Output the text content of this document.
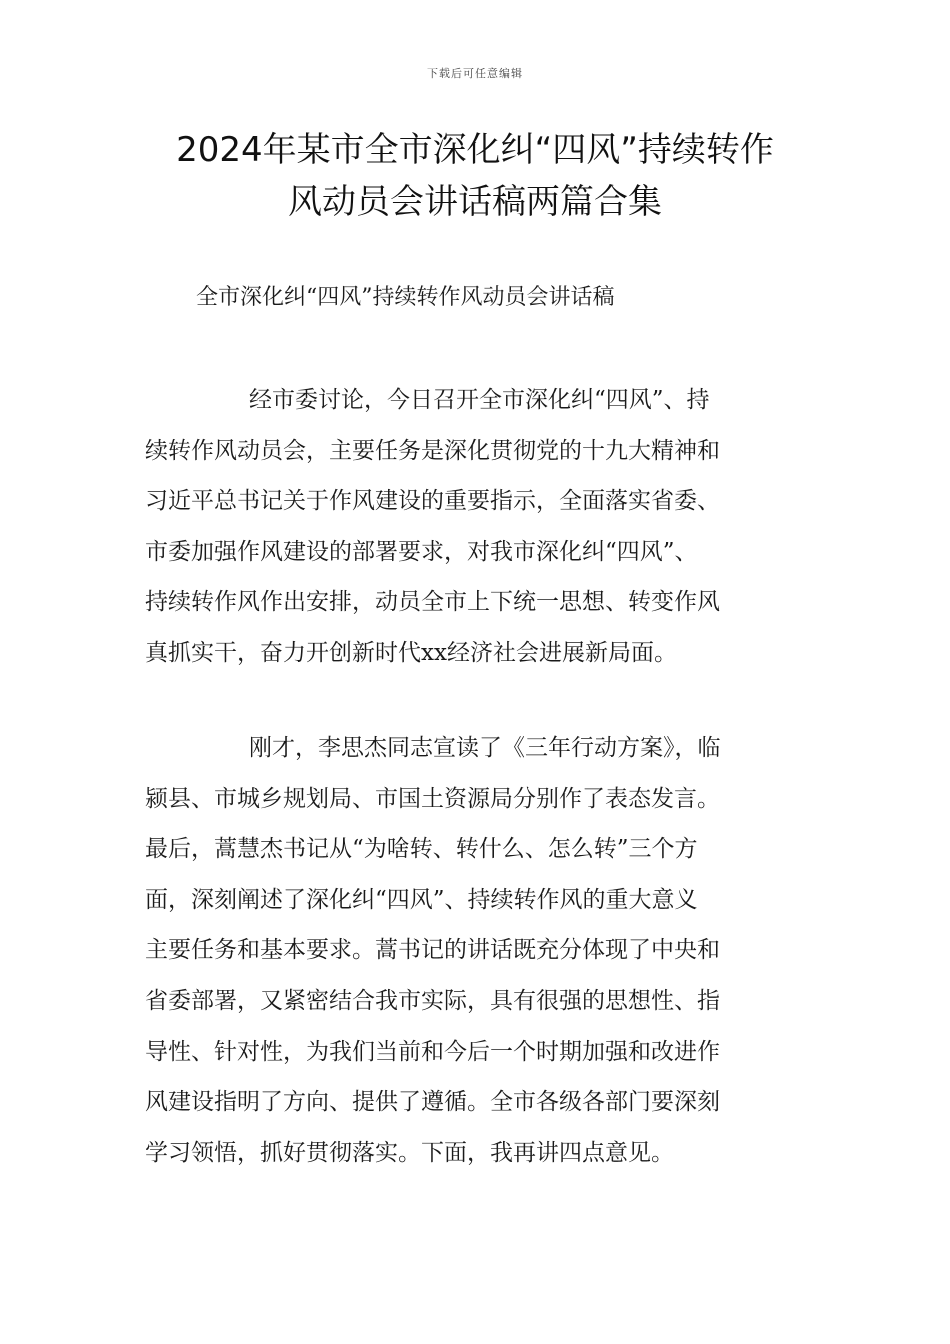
下载后可任意编辑
2024年某市全市深化纠“四风”持续转作
风动员会讲话稿两篇合集
全市深化纠“四风”持续转作风动员会讲话稿
经市委讨论，今日召开全市深化纠“四风”、持
续转作风动员会，主要任务是深化贯彻党的十九大精神和
习近平总书记关于作风建设的重要指示，全面落实省委、
市委加强作风建设的部署要求，对我市深化纠“四风”、
持续转作风作出安排，动员全市上下统一思想、转变作风
真抓实干，奋力开创新时代xx经济社会进展新局面。
刚才，李思杰同志宣读了《三年行动方案》，临
颍县、市城乡规划局、市国土资源局分别作了表态发言。
最后，蒿慧杰书记从“为啥转、转什么、怎么转”三个方
面，深刻阐述了深化纠“四风”、持续转作风的重大意义
主要任务和基本要求。蒿书记的讲话既充分体现了中央和
省委部署，又紧密结合我市实际，具有很强的思想性、指
导性、针对性，为我们当前和今后一个时期加强和改进作
风建设指明了方向、提供了遵循。全市各级各部门要深刻
学习领悟，抓好贯彻落实。下面，我再讲四点意见。
